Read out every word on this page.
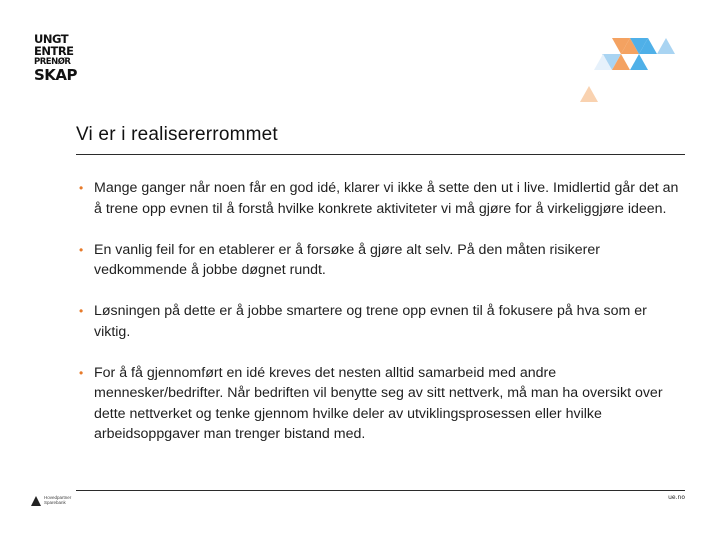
UNGT
ENTRE
PRENØR
SKAP
Vi er i realisererrommet
• Mange ganger når noen får en god idé, klarer vi ikke å sette den ut i live. Imidlertid går det an å trene opp evnen til å forstå hvilke konkrete aktiviteter vi må gjøre for å virkeliggjøre ideen.
• En vanlig feil for en etablerer er å forsøke å gjøre alt selv. På den måten risikerer vedkommende å jobbe døgnet rundt.
• Løsningen på dette er å jobbe smartere og trene opp evnen til å fokusere på hva som er viktig.
• For å få gjennomført en idé kreves det nesten alltid samarbeid med andre mennesker/bedrifter. Når bedriften vil benytte seg av sitt nettverk, må man ha oversikt over dette nettverket og tenke gjennom hvilke deler av utviklingsprosessen eller hvilke arbeidsoppgaver man trenger bistand med.
Hovedpartner
Sparebank
ue.no
